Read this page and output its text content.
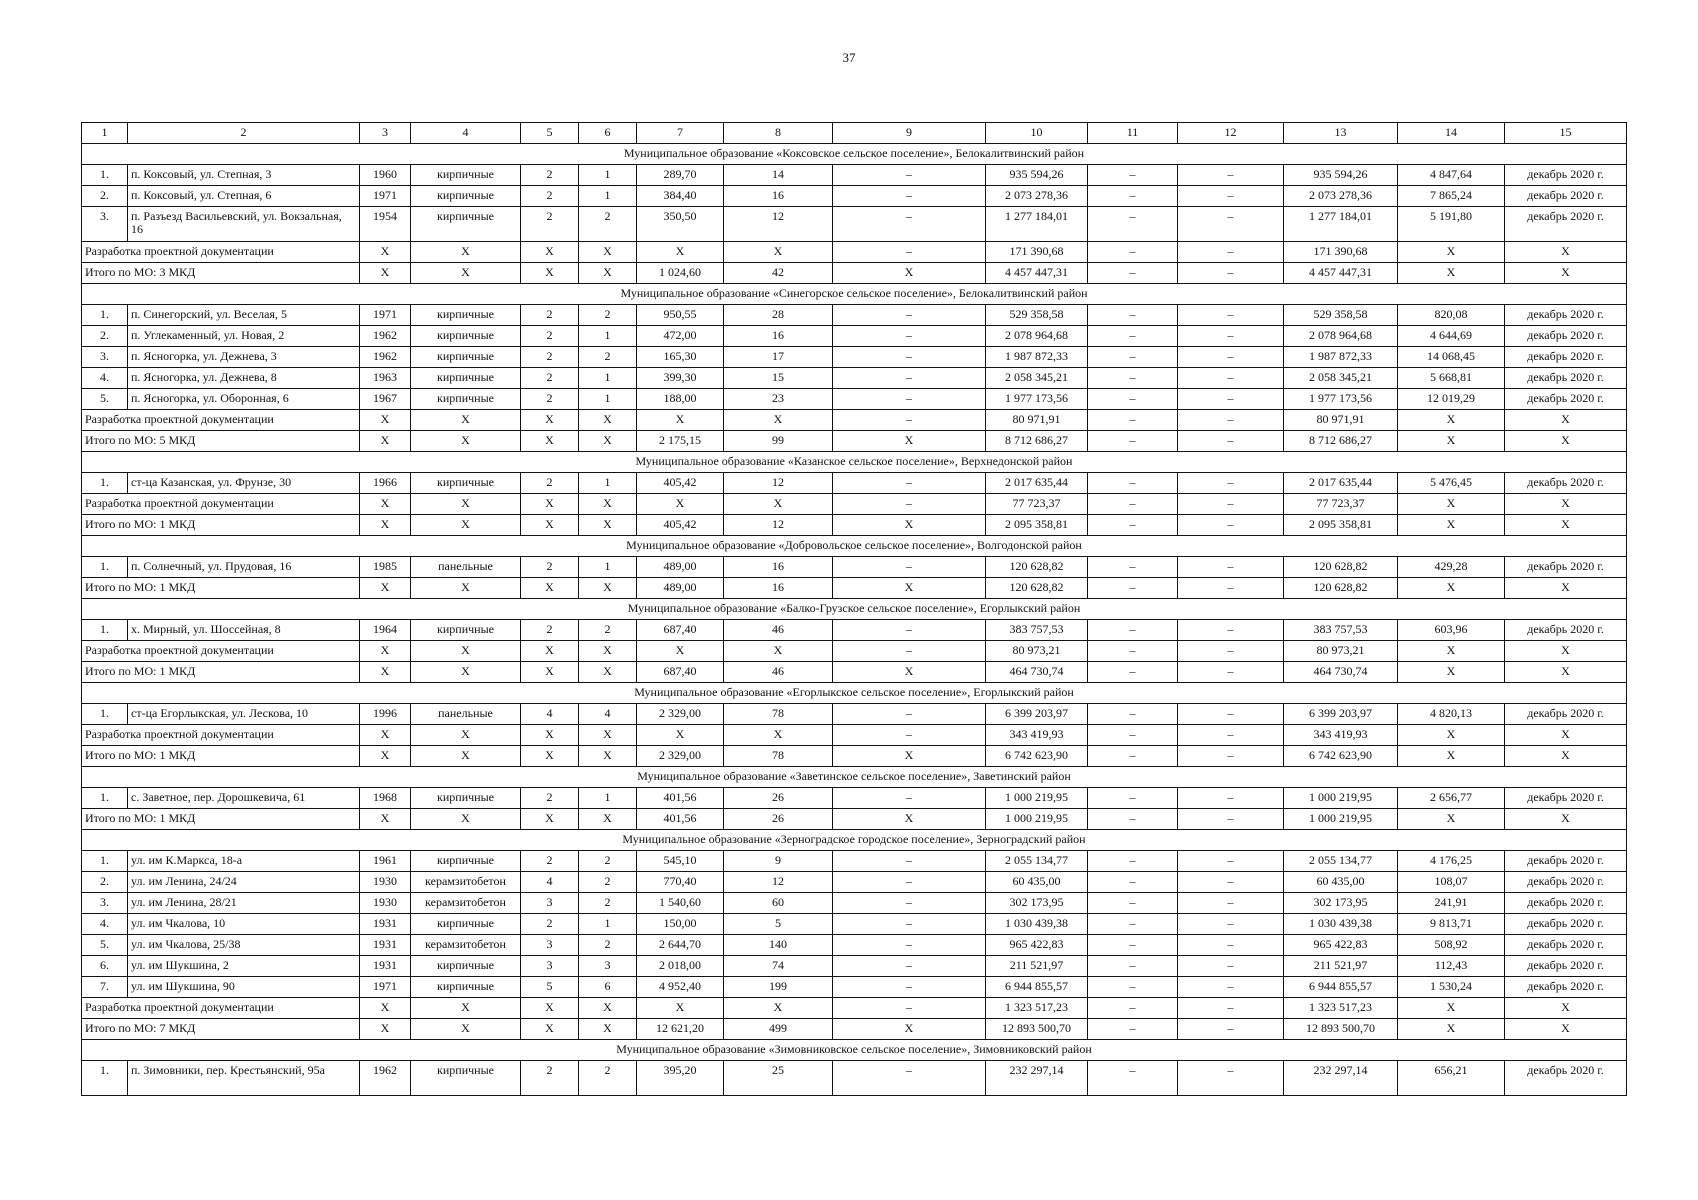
37
1	2	3	4	5	6	7	8	9	10	11	12	13	14	15
Муниципальное образование «Коксовское сельское поселение», Белокалитвинский район														
1.	п. Коксовый, ул. Степная, 3	1960	кирпичные	2	1	289,70	14	–	935 594,26	–	–	935 594,26	4 847,64	декабрь 2020 г.
2.	п. Коксовый, ул. Степная, 6	1971	кирпичные	2	1	384,40	16	–	2 073 278,36	–	–	2 073 278,36	7 865,24	декабрь 2020 г.
3.	п. Разъезд Васильевский, ул. Вокзальная, 16	1954	кирпичные	2	2	350,50	12	–	1 277 184,01	–	–	1 277 184,01	5 191,80	декабрь 2020 г.
Разработка проектной документации		X	X	X	X	X	X	–	171 390,68	–	–	171 390,68	X	X
Итого по МО: 3 МКД		X	X	X	X	1 024,60	42	X	4 457 447,31	–	–	4 457 447,31	X	X
Муниципальное образование «Синегорское сельское поселение», Белокалитвинский район														
1.	п. Синегорский, ул. Веселая, 5	1971	кирпичные	2	2	950,55	28	–	529 358,58	–	–	529 358,58	820,08	декабрь 2020 г.
2.	п. Углекаменный, ул. Новая, 2	1962	кирпичные	2	1	472,00	16	–	2 078 964,68	–	–	2 078 964,68	4 644,69	декабрь 2020 г.
3.	п. Ясногорка, ул. Дежнева, 3	1962	кирпичные	2	2	165,30	17	–	1 987 872,33	–	–	1 987 872,33	14 068,45	декабрь 2020 г.
4.	п. Ясногорка, ул. Дежнева, 8	1963	кирпичные	2	1	399,30	15	–	2 058 345,21	–	–	2 058 345,21	5 668,81	декабрь 2020 г.
5.	п. Ясногорка, ул. Оборонная, 6	1967	кирпичные	2	1	188,00	23	–	1 977 173,56	–	–	1 977 173,56	12 019,29	декабрь 2020 г.
Разработка проектной документации		X	X	X	X	X	X	–	80 971,91	–	–	80 971,91	X	X
Итого по МО: 5 МКД		X	X	X	X	2 175,15	99	X	8 712 686,27	–	–	8 712 686,27	X	X
Муниципальное образование «Казанское сельское поселение», Верхнедонской район														
1.	ст-ца Казанская, ул. Фрунзе, 30	1966	кирпичные	2	1	405,42	12	–	2 017 635,44	–	–	2 017 635,44	5 476,45	декабрь 2020 г.
Разработка проектной документации		X	X	X	X	X	X	–	77 723,37	–	–	77 723,37	X	X
Итого по МО: 1 МКД		X	X	X	X	405,42	12	X	2 095 358,81	–	–	2 095 358,81	X	X
Муниципальное образование «Добровольское сельское поселение», Волгодонской район														
1.	п. Солнечный, ул. Прудовая, 16	1985	панельные	2	1	489,00	16	–	120 628,82	–	–	120 628,82	429,28	декабрь 2020 г.
Итого по МО: 1 МКД		X	X	X	X	489,00	16	X	120 628,82	–	–	120 628,82	X	X
Муниципальное образование «Балко-Грузское сельское поселение», Егорлыкский район														
1.	х. Мирный, ул. Шоссейная, 8	1964	кирпичные	2	2	687,40	46	–	383 757,53	–	–	383 757,53	603,96	декабрь 2020 г.
Разработка проектной документации		X	X	X	X	X	X	–	80 973,21	–	–	80 973,21	X	X
Итого по МО: 1 МКД		X	X	X	X	687,40	46	X	464 730,74	–	–	464 730,74	X	X
Муниципальное образование «Егорлыкское сельское поселение», Егорлыкский район														
1.	ст-ца Егорлыкская, ул. Лескова, 10	1996	панельные	4	4	2 329,00	78	–	6 399 203,97	–	–	6 399 203,97	4 820,13	декабрь 2020 г.
Разработка проектной документации		X	X	X	X	X	X	–	343 419,93	–	–	343 419,93	X	X
Итого по МО: 1 МКД		X	X	X	X	2 329,00	78	X	6 742 623,90	–	–	6 742 623,90	X	X
Муниципальное образование «Заветинское сельское поселение», Заветинский район														
1.	с. Заветное, пер. Дорошкевича, 61	1968	кирпичные	2	1	401,56	26	–	1 000 219,95	–	–	1 000 219,95	2 656,77	декабрь 2020 г.
Итого по МО: 1 МКД		X	X	X	X	401,56	26	X	1 000 219,95	–	–	1 000 219,95	X	X
Муниципальное образование «Зерноградское городское поселение», Зерноградский район														
1.	ул. им К.Маркса, 18-а	1961	кирпичные	2	2	545,10	9	–	2 055 134,77	–	–	2 055 134,77	4 176,25	декабрь 2020 г.
2.	ул. им Ленина, 24/24	1930	керамзитобетон	4	2	770,40	12	–	60 435,00	–	–	60 435,00	108,07	декабрь 2020 г.
3.	ул. им Ленина, 28/21	1930	керамзитобетон	3	2	1 540,60	60	–	302 173,95	–	–	302 173,95	241,91	декабрь 2020 г.
4.	ул. им Чкалова, 10	1931	кирпичные	2	1	150,00	5	–	1 030 439,38	–	–	1 030 439,38	9 813,71	декабрь 2020 г.
5.	ул. им Чкалова, 25/38	1931	керамзитобетон	3	2	2 644,70	140	–	965 422,83	–	–	965 422,83	508,92	декабрь 2020 г.
6.	ул. им Шукшина, 2	1931	кирпичные	3	3	2 018,00	74	–	211 521,97	–	–	211 521,97	112,43	декабрь 2020 г.
7.	ул. им Шукшина, 90	1971	кирпичные	5	6	4 952,40	199	–	6 944 855,57	–	–	6 944 855,57	1 530,24	декабрь 2020 г.
Разработка проектной документации		X	X	X	X	X	X	–	1 323 517,23	–	–	1 323 517,23	X	X
Итого по МО: 7 МКД		X	X	X	X	12 621,20	499	X	12 893 500,70	–	–	12 893 500,70	X	X
Муниципальное образование «Зимовниковское сельское поселение», Зимовниковский район														
1.	п. Зимовники, пер. Крестьянский, 95а	1962	кирпичные	2	2	395,20	25	–	232 297,14	–	–	232 297,14	656,21	декабрь 2020 г.
